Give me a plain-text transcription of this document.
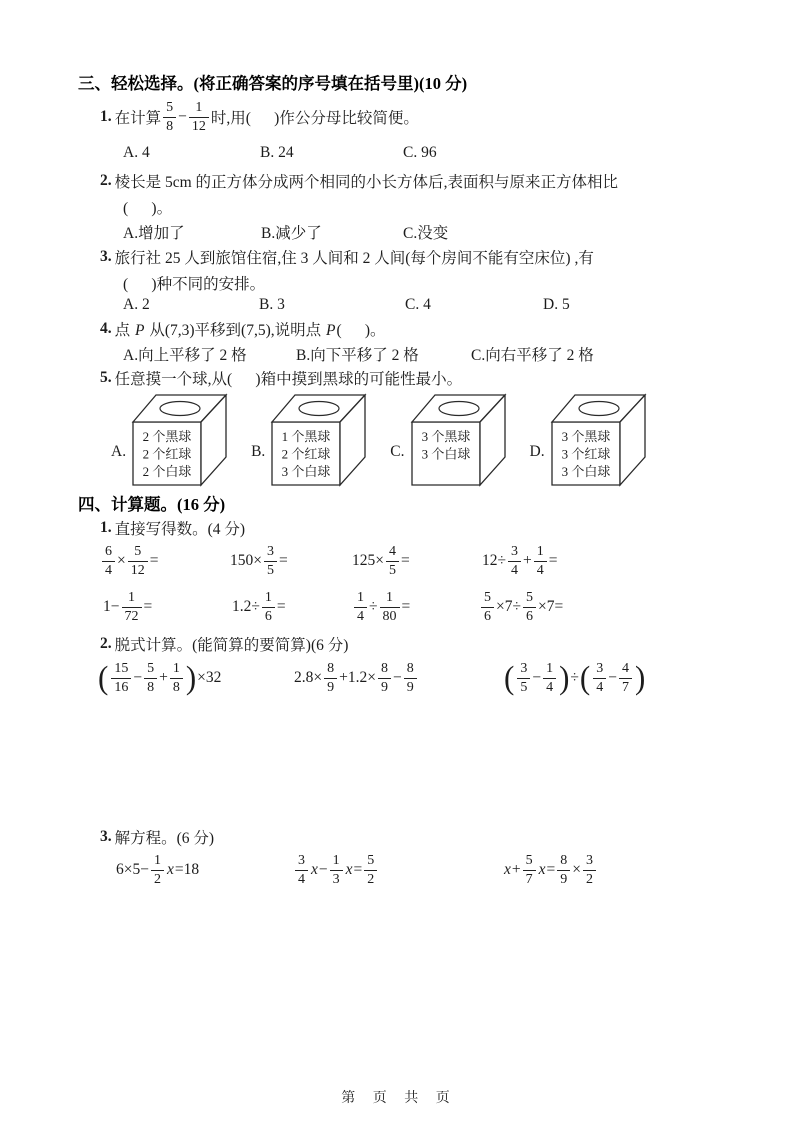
三、轻松选择。(将正确答案的序号填在括号里)(10 分)
1. 在计算 $\frac{5}{8} - \frac{1}{12}$ 时,用(      )作公分母比较简便。
A. 4	B. 24	C. 96
2. 棱长是 5cm 的正方体分成两个相同的小长方体后,表面积与原来正方体相比
(      )。
A.增加了	B.减少了	C.没变
3. 旅行社 25 人到旅馆住宿,住 3 人间和 2 人间(每个房间不能有空床位) ,有
(      )种不同的安排。
A. 2	B. 3	C. 4	D. 5
4. 点 P 从(7,3)平移到(7,5),说明点 P(      )。
A.向上平移了 2 格	B.向下平移了 2 格	C.向右平移了 2 格
5. 任意摸一个球,从(      )箱中摸到黑球的可能性最小。
A.
2 个黑球
2 个红球
2 个白球
B.
1 个黑球
2 个红球
3 个白球
C.
3 个黑球
3 个白球	D.
3 个黑球
3 个红球
3 个白球
四、计算题。(16 分)
1. 直接写得数。(4 分)
$\frac{6}{4} \times \frac{5}{12}$ =	$150\times \frac{3}{5}$ =	$125\times \frac{4}{5}$ =	$12\div \frac{3}{4} + \frac{1}{4}$ =
$1- \frac{1}{72}$ =	$1.2\div \frac{1}{6}$ =	$\frac{1}{4} \div \frac{1}{80}$ =	$\frac{5}{6} \times 7\div \frac{5}{6} \times 7=$
2. 脱式计算。(能简算的要简算)(6 分)
( $\frac{15}{16} - \frac{5}{8} + \frac{1}{8}$ ) ×32	$2.8\times \frac{8}{9} +1.2\times \frac{8}{9} - \frac{8}{9}$	( $\frac{3}{5} - \frac{1}{4}$ ) ÷ ( $\frac{3}{4} - \frac{4}{7}$ )
3. 解方程。(6 分)
$6\times 5- \frac{1}{2} x=18$	$\frac{3}{4} x- \frac{1}{3} x= \frac{5}{2}$	$x+ \frac{5}{7} x= \frac{8}{9} \times \frac{3}{2}$
第 页 共 页
